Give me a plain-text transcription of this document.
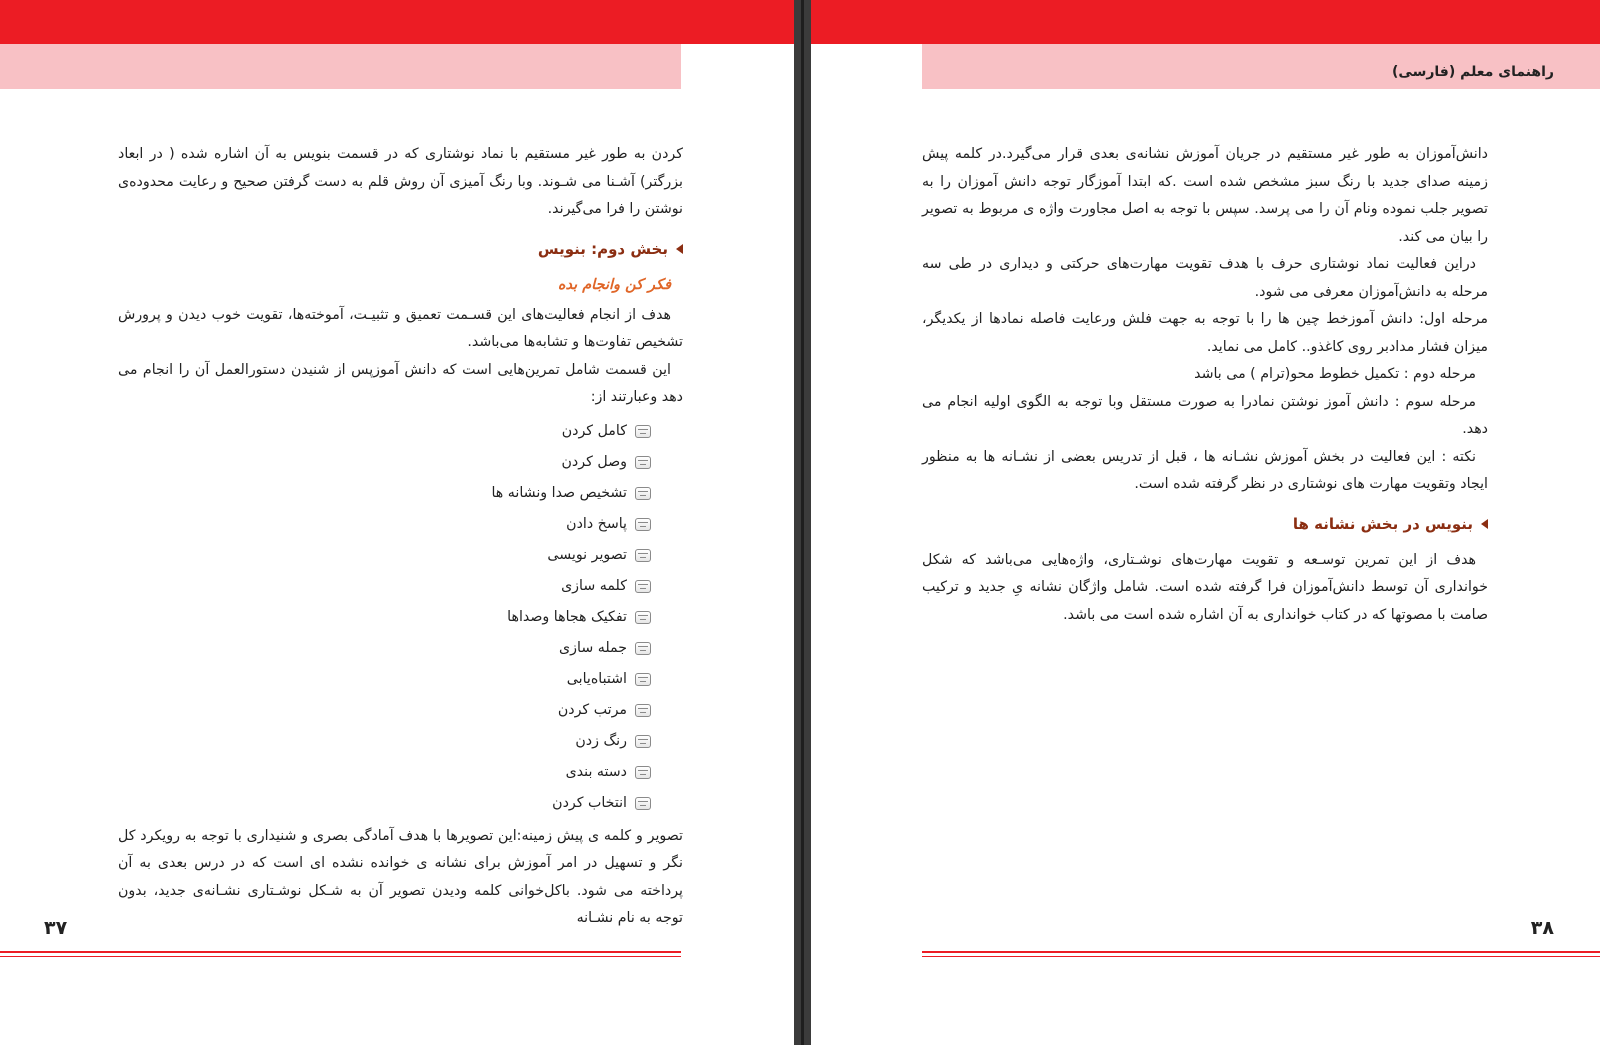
کردن به طور غیر مستقیم با نماد نوشتاری که در قسمت بنویس به آن اشاره شده ( در ابعاد بزرگتر) آشـنا می شـوند. وبا رنگ آمیزی آن روش قلم به دست گرفتن صحیح و رعایت محدوده‌ی نوشتن را فرا می‌گیرند.

بخش دوم: بنویس
فکر کن وانجام بده

هدف از انجام فعالیت‌های این قسـمت تعمیق و تثبیـت، آموخته‌ها، تقویت خوب دیدن و پرورش تشخیص تفاوت‌ها و تشابه‌ها می‌باشد.

این قسمت شامل تمرین‌هایی است که دانش آموزپس از شنیدن دستورالعمل آن را انجام می دهد وعبارتند از:

کامل کردن
وصل کردن
تشخیص صدا ونشانه ها
پاسخ دادن
تصویر نویسی
کلمه سازی
تفکیک هجاها وصداها
جمله سازی
اشتباه‌یابی
مرتب کردن
رنگ زدن
دسته بندی
انتخاب کردن

تصویر و کلمه ی پیش زمینه:این تصویرها با هدف آمادگی بصری و شنیداری با توجه به رویکرد کل نگر و تسهیل در امر آموزش برای نشانه ی خوانده نشده ای است که در درس بعدی به آن پرداخته می شود. باکل‌خوانی کلمه ودیدن تصویر آن به شـکل نوشـتاری نشـانه‌ی جدید، بدون توجه به نام نشـانه

۳۷
راهنمای معلم (فارسی)

دانش‌آموزان به طور غیر مستقیم در جریان آموزش نشانه‌ی بعدی قرار می‌گیرد.در کلمه پیش زمینه صدای جدید با رنگ سبز مشخص شده است .که ابتدا آموزگار توجه دانش آموزان را به تصویر جلب نموده ونام آن را می پرسد. سپس با توجه به اصل مجاورت واژه ی مربوط به تصویر را بیان می کند.

دراین فعالیت نماد نوشتاری حرف با هدف تقویت مهارت‌های حرکتی و دیداری در طی سه مرحله به دانش‌آموزان معرفی می شود.

مرحله اول: دانش آموزخط چین ها را با توجه به جهت فلش ورعایت فاصله نمادها از یکدیگر، میزان فشار مدادبر روی کاغذو.. کامل می نماید.

مرحله دوم : تکمیل خطوط محو(ترام ) می باشد

مرحله سوم : دانش آموز نوشتن نمادرا به صورت مستقل وبا توجه به الگوی اولیه انجام می دهد.

نکته : این فعالیت در بخش آموزش نشـانه ها ، قبل از تدریس بعضی از نشـانه ها به منظور ایجاد وتقویت مهارت های نوشتاری در نظر گرفته شده است.

بنویس در بخش نشانه ها

هدف از این تمرین توسـعه و تقویت مهارت‌های نوشـتاری، واژه‌هایی می‌باشد که شکل خوانداری آن توسط دانش‌آموزان فرا گرفته شده است. شامل واژگان نشانه یِ جدید و ترکیب صامت با مصوتها که در کتاب خوانداری به آن اشاره شده است می باشد.

۳۸
